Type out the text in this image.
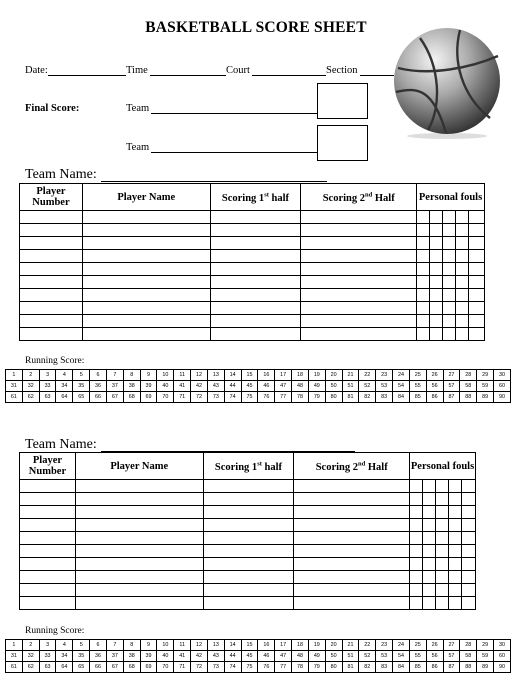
BASKETBALL SCORE SHEET
Date:	Time	Court	Section
Final Score:	Team
Team
Team Name:
Player Number	Player Name	Scoring 1st half	Scoring 2nd Half	Personal fouls				

Running Score:
1	2	3	4	5	6	7	8	9	10	11	12	13	14	15	16	17	18	19	20	21	22	23	24	25	26	27	28	29	30
31	32	33	34	35	36	37	38	39	40	41	42	43	44	45	46	47	48	49	50	51	52	53	54	55	56	57	58	59	60
61	62	63	64	65	66	67	68	69	70	71	72	73	74	75	76	77	78	79	80	81	82	83	84	85	86	87	88	89	90
Team Name:
Player Number	Player Name	Scoring 1st half	Scoring 2nd Half	Personal fouls				

Running Score:
1	2	3	4	5	6	7	8	9	10	11	12	13	14	15	16	17	18	19	20	21	22	23	24	25	26	27	28	29	30
31	32	33	34	35	36	37	38	39	40	41	42	43	44	45	46	47	48	49	50	51	52	53	54	55	56	57	58	59	60
61	62	63	64	65	66	67	68	69	70	71	72	73	74	75	76	77	78	79	80	81	82	83	84	85	86	87	88	89	90
